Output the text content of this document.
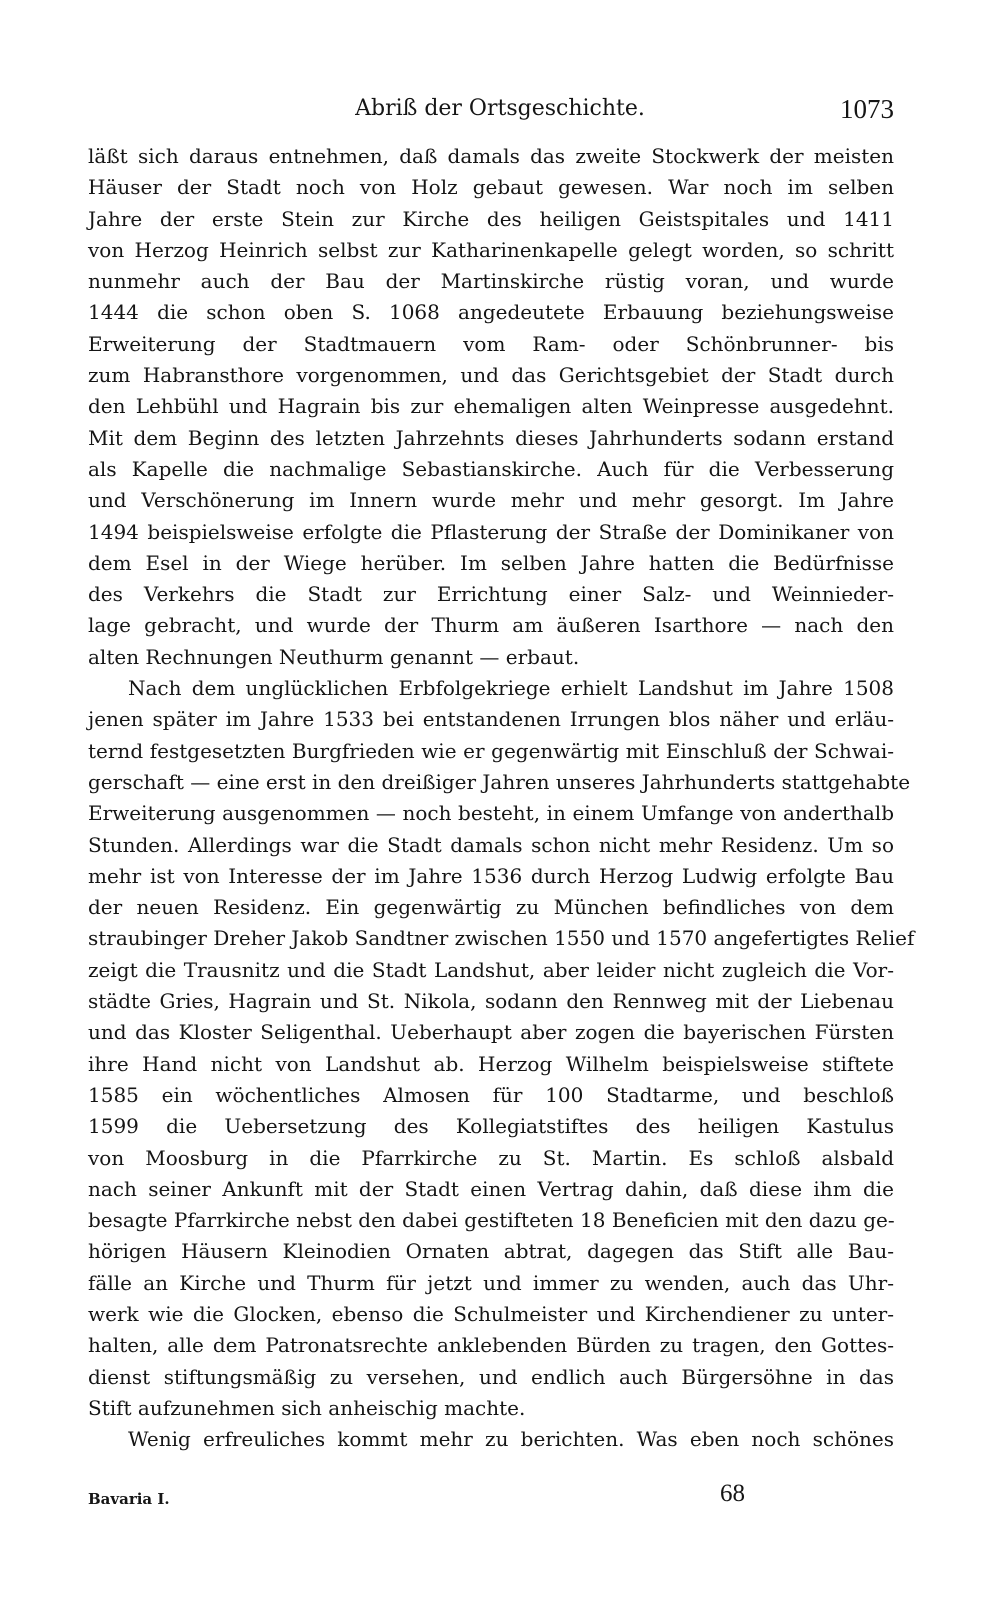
Abriß der Ortsgeschichte.	1073
läßt sich daraus entnehmen, daß damals das zweite Stockwerk der meisten
Häuser der Stadt noch von Holz gebaut gewesen. War noch im selben
Jahre der erste Stein zur Kirche des heiligen Geistspitales und 1411
von Herzog Heinrich selbst zur Katharinenkapelle gelegt worden, so schritt
nunmehr auch der Bau der Martinskirche rüstig voran, und wurde
1444 die schon oben S. 1068 angedeutete Erbauung beziehungsweise
Erweiterung der Stadtmauern vom Ram- oder Schönbrunner- bis
zum Habransthore vorgenommen, und das Gerichtsgebiet der Stadt durch
den Lehbühl und Hagrain bis zur ehemaligen alten Weinpresse ausgedehnt.
Mit dem Beginn des letzten Jahrzehnts dieses Jahrhunderts sodann erstand
als Kapelle die nachmalige Sebastianskirche. Auch für die Verbesserung
und Verschönerung im Innern wurde mehr und mehr gesorgt. Im Jahre
1494 beispielsweise erfolgte die Pflasterung der Straße der Dominikaner von
dem Esel in der Wiege herüber. Im selben Jahre hatten die Bedürfnisse
des Verkehrs die Stadt zur Errichtung einer Salz- und Weinnieder-
lage gebracht, und wurde der Thurm am äußeren Isarthore — nach den
alten Rechnungen Neuthurm genannt — erbaut.
Nach dem unglücklichen Erbfolgekriege erhielt Landshut im Jahre 1508
jenen später im Jahre 1533 bei entstandenen Irrungen blos näher und erläu-
ternd festgesetzten Burgfrieden wie er gegenwärtig mit Einschluß der Schwai-
gerschaft — eine erst in den dreißiger Jahren unseres Jahrhunderts stattgehabte
Erweiterung ausgenommen — noch besteht, in einem Umfange von anderthalb
Stunden. Allerdings war die Stadt damals schon nicht mehr Residenz. Um so
mehr ist von Interesse der im Jahre 1536 durch Herzog Ludwig erfolgte Bau
der neuen Residenz. Ein gegenwärtig zu München befindliches von dem
straubinger Dreher Jakob Sandtner zwischen 1550 und 1570 angefertigtes Relief
zeigt die Trausnitz und die Stadt Landshut, aber leider nicht zugleich die Vor-
städte Gries, Hagrain und St. Nikola, sodann den Rennweg mit der Liebenau
und das Kloster Seligenthal. Ueberhaupt aber zogen die bayerischen Fürsten
ihre Hand nicht von Landshut ab. Herzog Wilhelm beispielsweise stiftete
1585 ein wöchentliches Almosen für 100 Stadtarme, und beschloß
1599 die Uebersetzung des Kollegiatstiftes des heiligen Kastulus
von Moosburg in die Pfarrkirche zu St. Martin. Es schloß alsbald
nach seiner Ankunft mit der Stadt einen Vertrag dahin, daß diese ihm die
besagte Pfarrkirche nebst den dabei gestifteten 18 Beneficien mit den dazu ge-
hörigen Häusern Kleinodien Ornaten abtrat, dagegen das Stift alle Bau-
fälle an Kirche und Thurm für jetzt und immer zu wenden, auch das Uhr-
werk wie die Glocken, ebenso die Schulmeister und Kirchendiener zu unter-
halten, alle dem Patronatsrechte anklebenden Bürden zu tragen, den Gottes-
dienst stiftungsmäßig zu versehen, und endlich auch Bürgersöhne in das
Stift aufzunehmen sich anheischig machte.
Wenig erfreuliches kommt mehr zu berichten. Was eben noch schönes
Bavaria I.	68
